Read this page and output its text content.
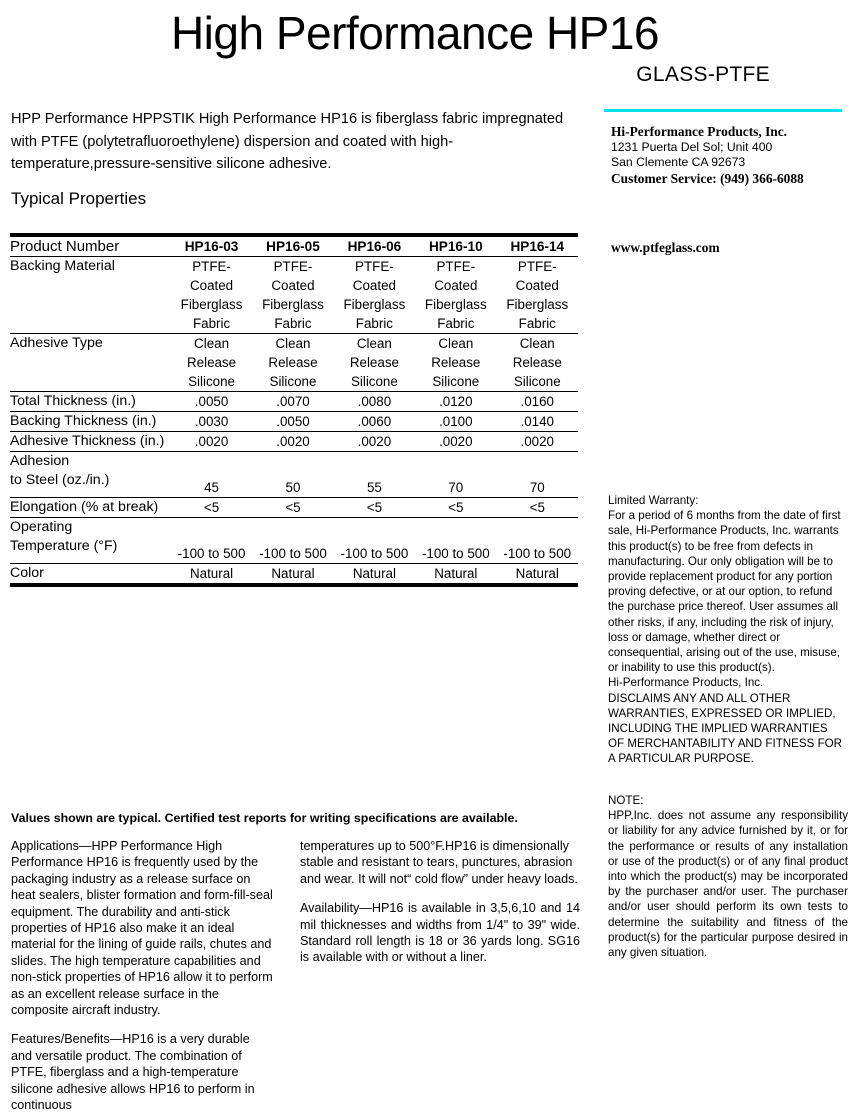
High Performance HP16
GLASS-PTFE
HPP Performance HPPSTIK High Performance HP16 is fiberglass fabric impregnated with PTFE (polytetrafluoroethylene) dispersion and coated with high-temperature,pressure-sensitive silicone adhesive.
Typical Properties
Hi-Performance Products, Inc.
1231 Puerta Del Sol; Unit 400
San Clemente CA 92673
Customer Service: (949) 366-6088
www.ptfeglass.com

Product Number	HP16-03	HP16-05	HP16-06	HP16-10	HP16-14

Backing Material	PTFE-Coated
Fiberglass
Fabric	PTFE-Coated
Fiberglass
Fabric	PTFE-Coated
Fiberglass
Fabric	PTFE-Coated
Fiberglass
Fabric	PTFE-Coated
Fiberglass
Fabric

Adhesive Type	Clean
Release
Silicone	Clean
Release
Silicone	Clean
Release
Silicone	Clean
Release
Silicone	Clean
Release
Silicone

Total Thickness (in.)	.0050	.0070	.0080	.0120	.0160

Backing Thickness (in.)	.0030	.0050	.0060	.0100	.0140

Adhesive Thickness (in.)	.0020	.0020	.0020	.0020	.0020

Adhesion
to Steel (oz./in.)	45	50	55	70	70

Elongation (% at break)	<5	<5	<5	<5	<5

Operating
Temperature (°F)	-100 to 500	-100 to 500	-100 to 500	-100 to 500	-100 to 500

Color	Natural	Natural	Natural	Natural	Natural

Limited Warranty:
For a period of 6 months from the date of first sale, Hi-Performance Products, Inc. warrants this product(s) to be free from defects in manufacturing. Our only obligation will be to provide replacement product for any portion proving defective, or at our option, to refund the purchase price thereof. User assumes all other risks, if any, including the risk of injury, loss or damage, whether direct or consequential, arising out of the use, misuse, or inability to use this product(s).
Hi-Performance Products, Inc.
DISCLAIMS ANY AND ALL OTHER WARRANTIES, EXPRESSED OR IMPLIED, INCLUDING THE IMPLIED WARRANTIES OF MERCHANTABILITY AND FITNESS FOR A PARTICULAR PURPOSE.
NOTE:
HPP,Inc. does not assume any responsibility or liability for any advice furnished by it, or for the performance or results of any installation or use of the product(s) or of any final product into which the product(s) may be incorporated by the purchaser and/or user. The purchaser and/or user should perform its own tests to determine the suitability and fitness of the product(s) for the particular purpose desired in any given situation.
Values shown are typical. Certified test reports for writing specifications are available.

Applications—HPP Performance High Performance HP16 is frequently used by the packaging industry as a release surface on heat sealers, blister formation and form-fill-seal equipment. The durability and anti-stick properties of HP16 also make it an ideal material for the lining of guide rails, chutes and slides. The high temperature capabilities and non-stick properties of HP16 allow it to perform as an excellent release surface in the composite aircraft industry.

Features/Benefits—HP16 is a very durable and versatile product. The combination of PTFE, fiberglass and a high-temperature silicone adhesive allows HP16 to perform in continuous

temperatures up to 500°F.HP16 is dimensionally stable and resistant to tears, punctures, abrasion and wear. It will not“ cold flow” under heavy loads.

Availability—HP16 is available in 3,5,6,10 and 14 mil thicknesses and widths from 1/4" to 39" wide. Standard roll length is 18 or 36 yards long. SG16 is available with or without a liner.
